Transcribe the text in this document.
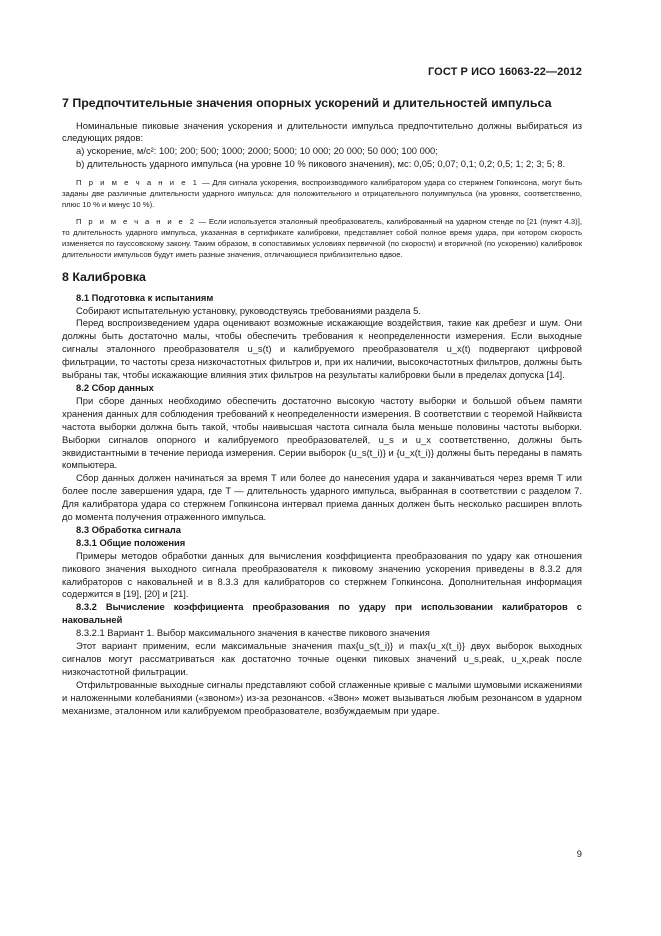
ГОСТ Р ИСО 16063-22—2012
7 Предпочтительные значения опорных ускорений и длительностей импульса

Номинальные пиковые значения ускорения и длительности импульса предпочтительно должны выбираться из следующих рядов:

а) ускорение, м/с²: 100; 200; 500; 1000; 2000; 5000; 10 000; 20 000; 50 000; 100 000;

b) длительность ударного импульса (на уровне 10 % пикового значения), мс: 0,05; 0,07; 0,1; 0,2; 0,5; 1; 2; 3; 5; 8.

П р и м е ч а н и е 1 — Для сигнала ускорения, воспроизводимого калибратором удара со стержнем Гопкинсона, могут быть заданы две различные длительности ударного импульса: для положительного и отрицательного полуимпульса (на уровнях, соответственно, плюс 10 % и минус 10 %).

П р и м е ч а н и е 2 — Если используется эталонный преобразователь, калиброванный на ударном стенде по [21 (пункт 4.3)], то длительность ударного импульса, указанная в сертификате калибровки, представляет собой полное время удара, при котором скорость изменяется по гауссовскому закону. Таким образом, в сопоставимых условиях первичной (по скорости) и вторичной (по ускорению) калибровок длительности импульсов будут иметь разные значения, отличающиеся приблизительно вдвое.

8 Калибровка
8.1 Подготовка к испытаниям

Собирают испытательную установку, руководствуясь требованиями раздела 5.

Перед воспроизведением удара оценивают возможные искажающие воздействия, такие как дребезг и шум. Они должны быть достаточно малы, чтобы обеспечить требования к неопределенности измерения. Если выходные сигналы эталонного преобразователя u_s(t) и калибруемого преобразователя u_x(t) подвергают цифровой фильтрации, то частоты среза низкочастотных фильтров и, при их наличии, высокочастотных фильтров, должны быть выбраны так, чтобы искажающие влияния этих фильтров на результаты калибровки были в пределах допуска [14].

8.2 Сбор данных

При сборе данных необходимо обеспечить достаточно высокую частоту выборки и большой объем памяти хранения данных для соблюдения требований к неопределенности измерения. В соответствии с теоремой Найквиста частота выборки должна быть такой, чтобы наивысшая частота сигнала была меньше половины частоты выборки. Выборки сигналов опорного и калибруемого преобразователей, u_s и u_x соответственно, должны быть эквидистантными в течение периода измерения. Серии выборок {u_s(t_i)} и {u_x(t_i)} должны быть переданы в память компьютера.

Сбор данных должен начинаться за время T или более до нанесения удара и заканчиваться через время T или более после завершения удара, где T — длительность ударного импульса, выбранная в соответствии с разделом 7. Для калибратора удара со стержнем Гопкинсона интервал приема данных должен быть несколько расширен вплоть до момента получения отраженного импульса.

8.3 Обработка сигнала
8.3.1 Общие положения

Примеры методов обработки данных для вычисления коэффициента преобразования по удару как отношения пикового значения выходного сигнала преобразователя к пиковому значению ускорения приведены в 8.3.2 для калибраторов с наковальней и в 8.3.3 для калибраторов со стержнем Гопкинсона. Дополнительная информация содержится в [19], [20] и [21].

8.3.2 Вычисление коэффициента преобразования по удару при использовании калибраторов с наковальней

8.3.2.1 Вариант 1. Выбор максимального значения в качестве пикового значения

Этот вариант применим, если максимальные значения max{u_s(t_i)} и max{u_x(t_i)} двух выборок выходных сигналов могут рассматриваться как достаточно точные оценки пиковых значений u_s,peak, u_x,peak после низкочастотной фильтрации.

Отфильтрованные выходные сигналы представляют собой сглаженные кривые с малыми шумовыми искажениями и наложенными колебаниями («звоном») из-за резонансов. «Звон» может вызываться любым резонансом в ударном механизме, эталонном или калибруемом преобразователе, возбуждаемым при ударе.

9
